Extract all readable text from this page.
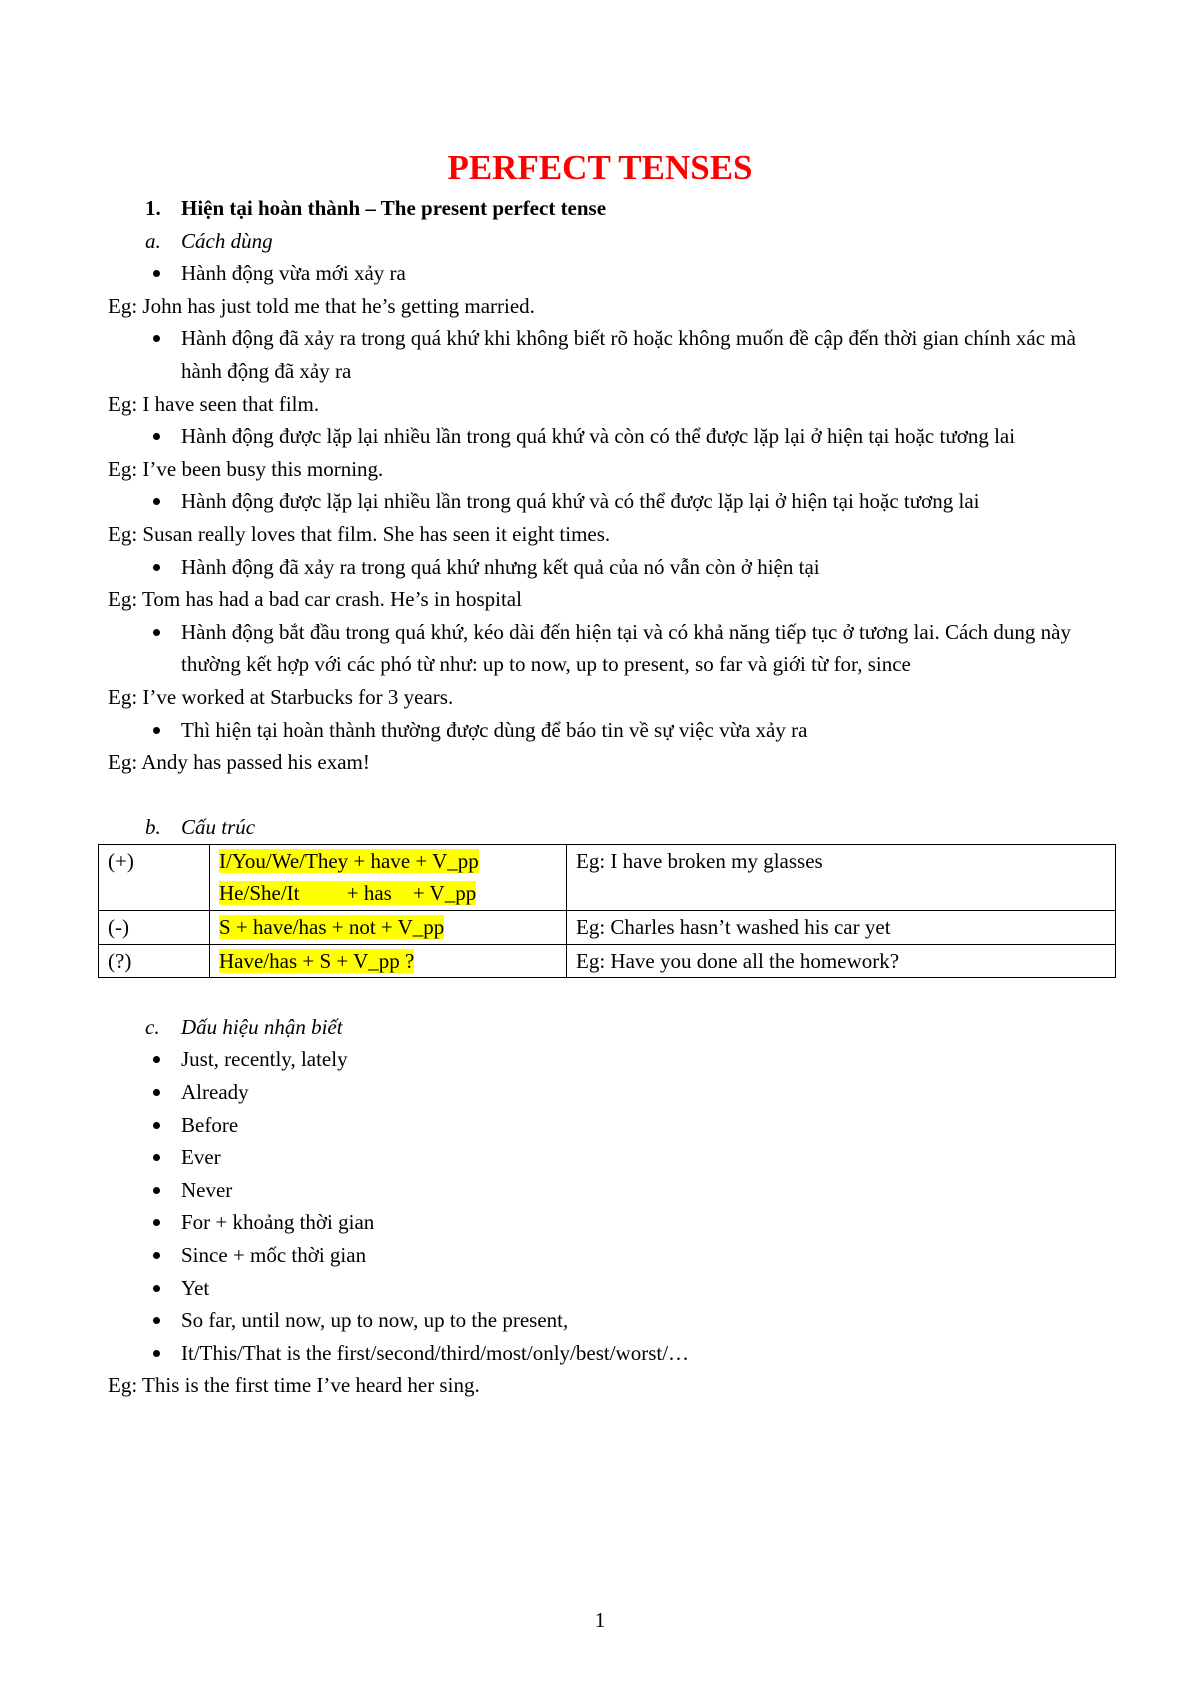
PERFECT TENSES
1. Hiện tại hoàn thành – The present perfect tense
a. Cách dùng
Hành động vừa mới xảy ra
Eg: John has just told me that he’s getting married.
Hành động đã xảy ra trong quá khứ khi không biết rõ hoặc không muốn đề cập đến thời gian chính xác mà hành động đã xảy ra
Eg: I have seen that film.
Hành động được lặp lại nhiều lần trong quá khứ và còn có thể được lặp lại ở hiện tại hoặc tương lai
Eg: I’ve been busy this morning.
Hành động được lặp lại nhiều lần trong quá khứ và có thể được lặp lại ở hiện tại hoặc tương lai
Eg: Susan really loves that film. She has seen it eight times.
Hành động đã xảy ra trong quá khứ nhưng kết quả của nó vẫn còn ở hiện tại
Eg: Tom has had a bad car crash. He’s in hospital
Hành động bắt đầu trong quá khứ, kéo dài đến hiện tại và có khả năng tiếp tục ở tương lai. Cách dung này thường kết hợp với các phó từ như: up to now, up to present, so far và giới từ for, since
Eg: I’ve worked at Starbucks for 3 years.
Thì hiện tại hoàn thành thường được dùng để báo tin về sự việc vừa xảy ra
Eg: Andy has passed his exam!
b. Cấu trúc
(+)	I/You/We/They + have + V_pp
He/She/It         + has    + V_pp	Eg: I have broken my glasses
(-)	S + have/has + not + V_pp	Eg: Charles hasn’t washed his car yet
(?)	Have/has + S + V_pp ?	Eg: Have you done all the homework?
c. Dấu hiệu nhận biết
Just, recently, lately
Already
Before
Ever
Never
For + khoảng thời gian
Since + mốc thời gian
Yet
So far, until now, up to now, up to the present,
It/This/That is the first/second/third/most/only/best/worst/…
Eg: This is the first time I’ve heard her sing.
1
